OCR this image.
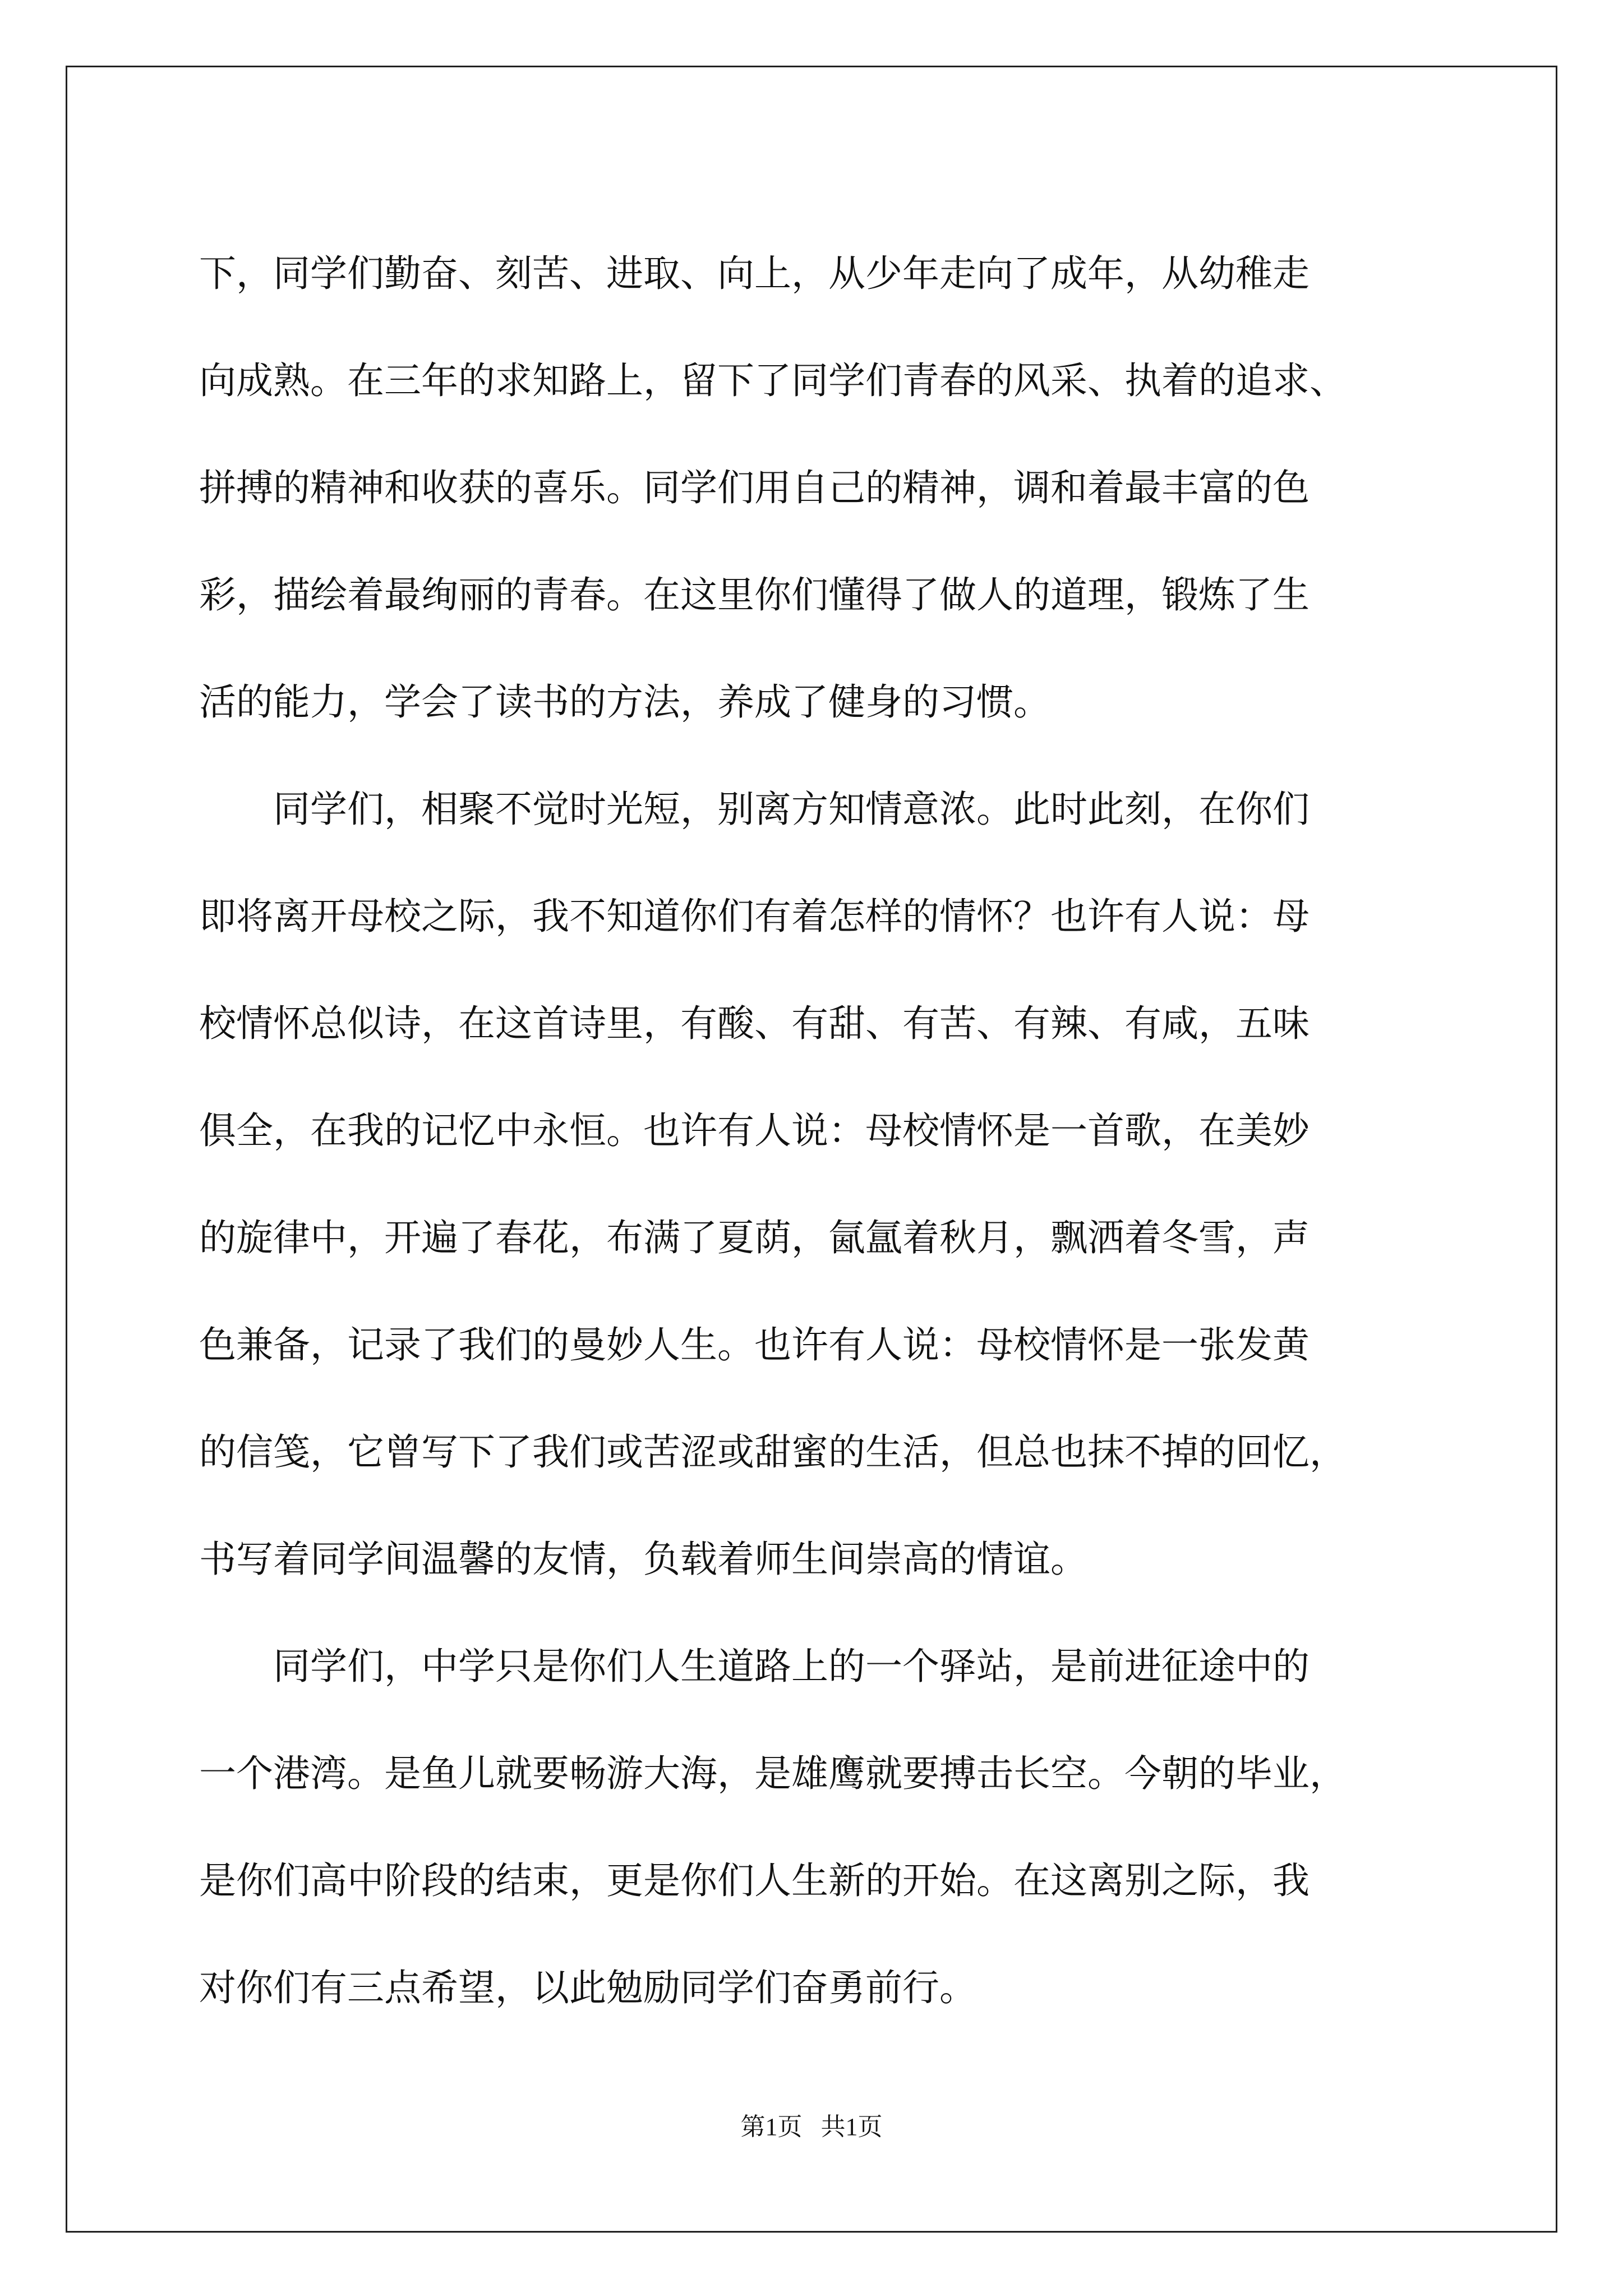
下，同学们勤奋、刻苦、进取、向上，从少年走向了成年，从幼稚走
向成熟。在三年的求知路上，留下了同学们青春的风采、执着的追求、
拼搏的精神和收获的喜乐。同学们用自己的精神，调和着最丰富的色
彩，描绘着最绚丽的青春。在这里你们懂得了做人的道理，锻炼了生
活的能力，学会了读书的方法，养成了健身的习惯。
　　同学们，相聚不觉时光短，别离方知情意浓。此时此刻，在你们
即将离开母校之际，我不知道你们有着怎样的情怀？也许有人说：母
校情怀总似诗，在这首诗里，有酸、有甜、有苦、有辣、有咸，五味
俱全，在我的记忆中永恒。也许有人说：母校情怀是一首歌，在美妙
的旋律中，开遍了春花，布满了夏荫，氤氲着秋月，飘洒着冬雪，声
色兼备，记录了我们的曼妙人生。也许有人说：母校情怀是一张发黄
的信笺，它曾写下了我们或苦涩或甜蜜的生活，但总也抹不掉的回忆，
书写着同学间温馨的友情，负载着师生间崇高的情谊。
　　同学们，中学只是你们人生道路上的一个驿站，是前进征途中的
一个港湾。是鱼儿就要畅游大海，是雄鹰就要搏击长空。今朝的毕业，
是你们高中阶段的结束，更是你们人生新的开始。在这离别之际，我
对你们有三点希望，以此勉励同学们奋勇前行。
第1页   共1页
